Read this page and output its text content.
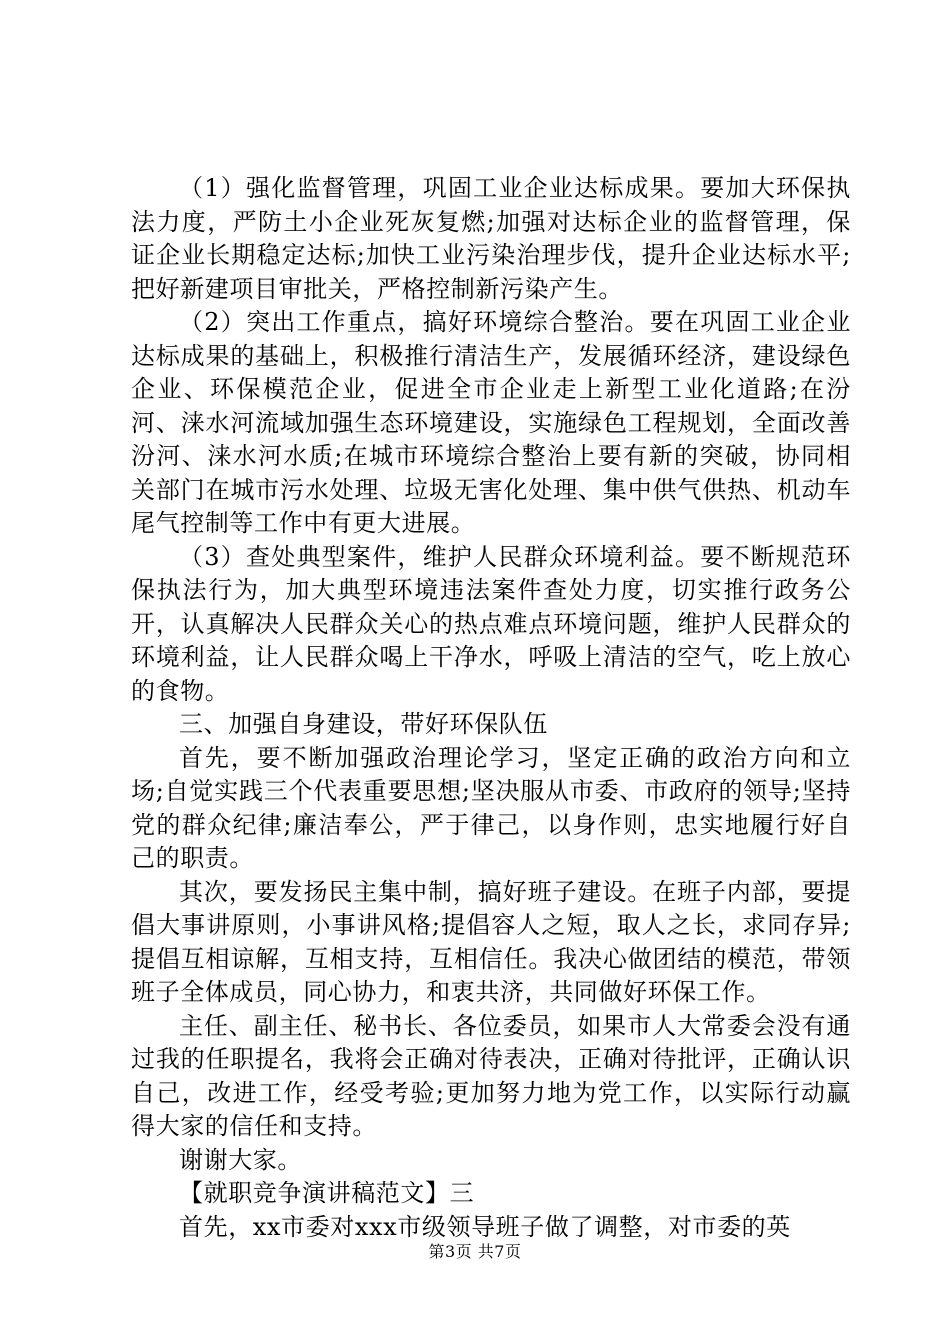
（1）强化监督管理，巩固工业企业达标成果。要加大环保执法力度，严防土小企业死灰复燃;加强对达标企业的监督管理，保证企业长期稳定达标;加快工业污染治理步伐，提升企业达标水平;把好新建项目审批关，严格控制新污染产生。

（2）突出工作重点，搞好环境综合整治。要在巩固工业企业达标成果的基础上，积极推行清洁生产，发展循环经济，建设绿色企业、环保模范企业，促进全市企业走上新型工业化道路;在汾河、涞水河流域加强生态环境建设，实施绿色工程规划，全面改善汾河、涞水河水质;在城市环境综合整治上要有新的突破，协同相关部门在城市污水处理、垃圾无害化处理、集中供气供热、机动车尾气控制等工作中有更大进展。

（3）查处典型案件，维护人民群众环境利益。要不断规范环保执法行为，加大典型环境违法案件查处力度，切实推行政务公开，认真解决人民群众关心的热点难点环境问题，维护人民群众的环境利益，让人民群众喝上干净水，呼吸上清洁的空气，吃上放心的食物。

三、加强自身建设，带好环保队伍

首先，要不断加强政治理论学习，坚定正确的政治方向和立场;自觉实践三个代表重要思想;坚决服从市委、市政府的领导;坚持党的群众纪律;廉洁奉公，严于律己，以身作则，忠实地履行好自己的职责。

其次，要发扬民主集中制，搞好班子建设。在班子内部，要提倡大事讲原则，小事讲风格;提倡容人之短，取人之长，求同存异;提倡互相谅解，互相支持，互相信任。我决心做团结的模范，带领班子全体成员，同心协力，和衷共济，共同做好环保工作。

主任、副主任、秘书长、各位委员，如果市人大常委会没有通过我的任职提名，我将会正确对待表决，正确对待批评，正确认识自己，改进工作，经受考验;更加努力地为党工作，以实际行动赢得大家的信任和支持。

谢谢大家。

【就职竞争演讲稿范文】三

首先，xx市委对xxx市级领导班子做了调整，对市委的英

第3页 共7页
